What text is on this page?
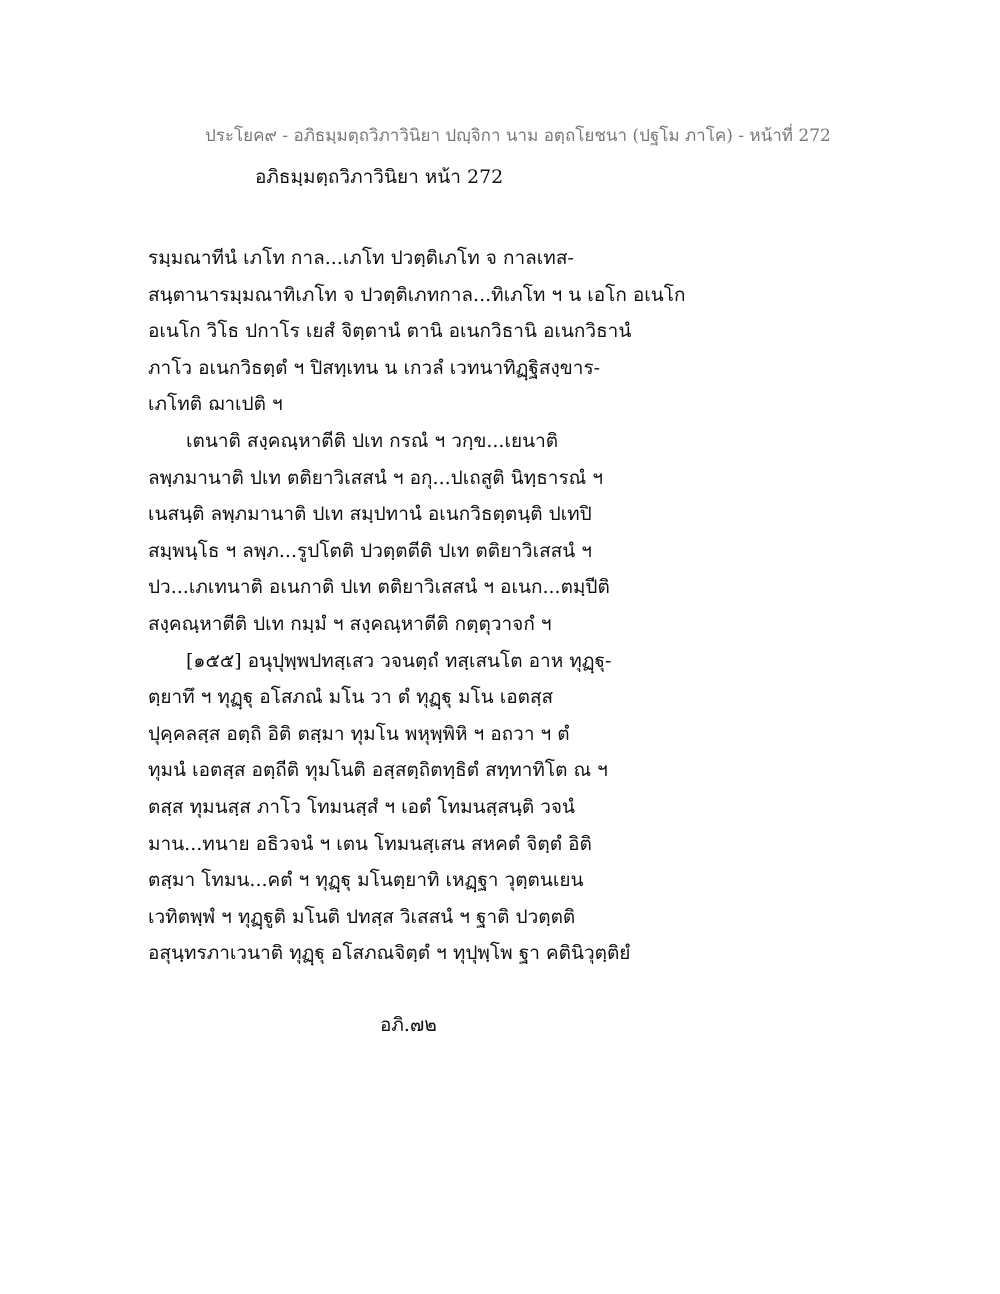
ประโยค๙ - อภิธมฺมตฺถวิภาวินิยา ปญฺจิกา นาม อตฺถโยชนา (ปฐโม ภาโค) - หน้าที่ 272
อภิธมฺมตฺถวิภาวินิยา หน้า 272
รมฺมณาทีนํ เภโท กาล...เภโท ปวตฺติเภโท จ กาลเทส-
สนฺตานารมฺมณาทิเภโท จ ปวตฺติเภทกาล...ทิเภโท ฯ น เอโก อเนโก
อเนโก วิโธ ปกาโร เยสํ จิตฺตานํ ตานิ อเนกวิธานิ อเนกวิธานํ
ภาโว อเนกวิธตฺตํ ฯ ปิสทฺเทน น เกวลํ เวทนาทิฏฺฐิสงฺขาร-
เภโทติ ฌาเปติ ฯ
เตนาติ สงฺคณฺหาตีติ ปเท กรณํ ฯ วกฺข...เยนาติ
ลพฺภมานาติ ปเท ตติยาวิเสสนํ ฯ อกุ...ปเถสูติ นิทฺธารณํ ฯ
เนสนฺติ ลพฺภมานาติ ปเท สมฺปทานํ อเนกวิธตฺตนฺติ ปเทปิ
สมฺพนฺโธ ฯ ลพฺภ...รูปโตติ ปวตฺตตีติ ปเท ตติยาวิเสสนํ ฯ
ปว...เภเทนาติ อเนกาติ ปเท ตติยาวิเสสนํ ฯ อเนก...ตมฺปีติ
สงฺคณฺหาตีติ ปเท กมฺมํ ฯ สงฺคณฺหาตีติ กตฺตุวาจกํ ฯ
[๑๕๕] อนุปุพฺพปทสฺเสว วจนตฺถํ ทสฺเสนโต อาห ทุฏฺฐุ-
ตฺยาทึ ฯ ทุฏฺฐุ อโสภณํ มโน วา ตํ ทุฏฺฐุ มโน เอตสฺส
ปุคฺคลสฺส อตฺถิ อิติ ตสฺมา ทุมโน พหุพฺพิหิ ฯ อถวา ฯ ตํ
ทุมนํ เอตสฺส อตฺถีติ ทุมโนติ อสฺสตฺถิตทฺธิตํ สทฺทาทิโต ณ ฯ
ตสฺส ทุมนสฺส ภาโว โทมนสฺสํ ฯ เอตํ โทมนสฺสนฺติ วจนํ
มาน...ทนาย อธิวจนํ ฯ เตน โทมนสฺเสน สหคตํ จิตฺตํ อิติ
ตสฺมา โทมน...คตํ ฯ ทุฏฺฐุ มโนตฺยาทิ เหฏฺฐา วุตฺตนเยน
เวทิตพฺพํ ฯ ทุฏฺฐูติ มโนติ ปทสฺส วิเสสนํ ฯ ฐาติ ปวตฺตติ
อสุนฺทรภาเวนาติ ทุฏฺฐุ อโสภณจิตฺตํ ฯ ทุปุพฺโพ ฐา คตินิวุตฺติยํ
อภิ.๗๒
